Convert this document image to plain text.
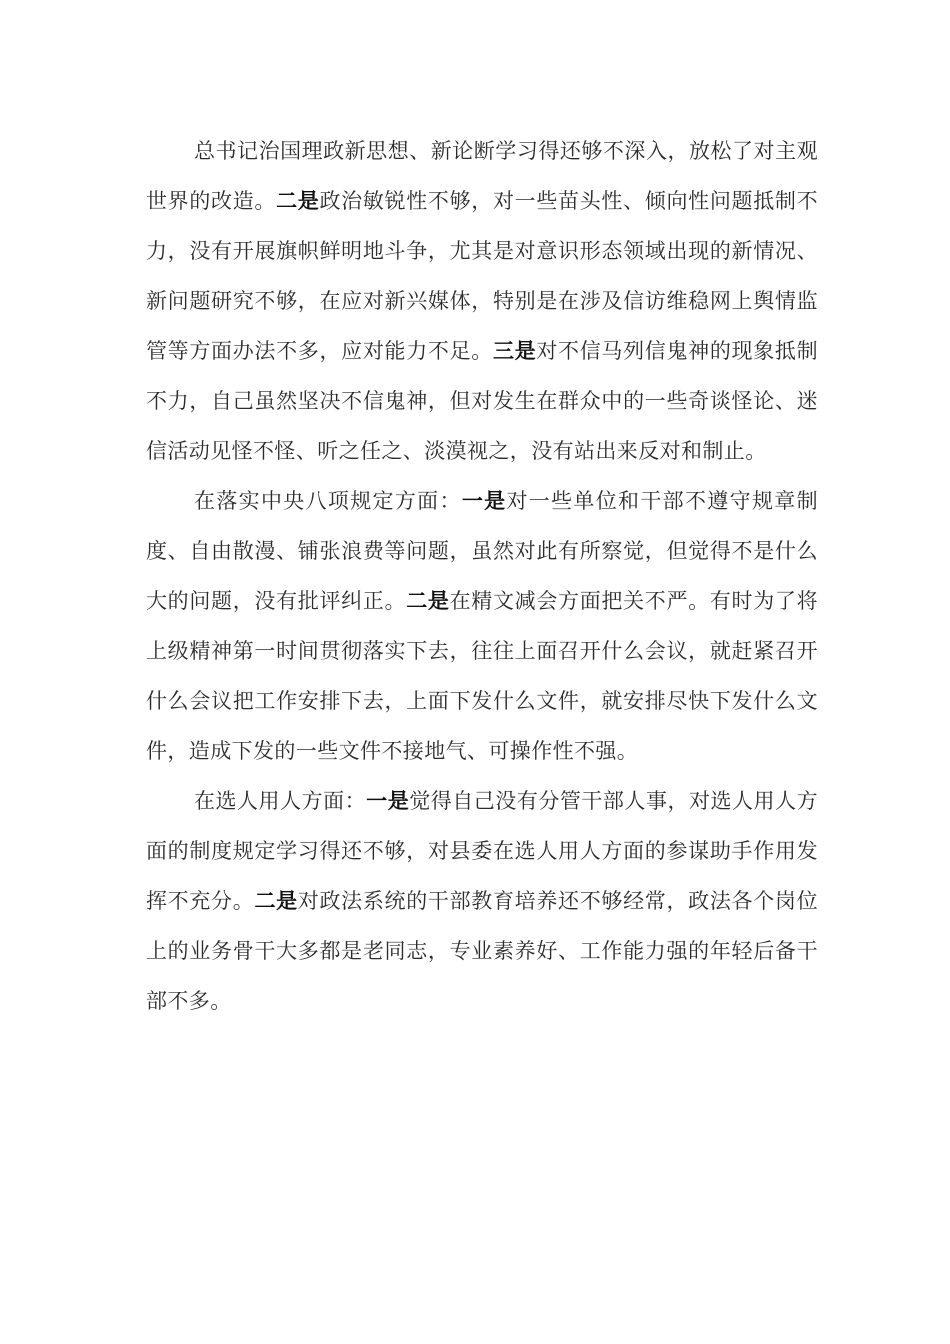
总书记治国理政新思想、新论断学习得还够不深入，放松了对主观世界的改造。二是政治敏锐性不够，对一些苗头性、倾向性问题抵制不力，没有开展旗帜鲜明地斗争，尤其是对意识形态领域出现的新情况、新问题研究不够，在应对新兴媒体，特别是在涉及信访维稳网上舆情监管等方面办法不多，应对能力不足。三是对不信马列信鬼神的现象抵制不力，自己虽然坚决不信鬼神，但对发生在群众中的一些奇谈怪论、迷信活动见怪不怪、听之任之、淡漠视之，没有站出来反对和制止。

在落实中央八项规定方面：一是对一些单位和干部不遵守规章制度、自由散漫、铺张浪费等问题，虽然对此有所察觉，但觉得不是什么大的问题，没有批评纠正。二是在精文减会方面把关不严。有时为了将上级精神第一时间贯彻落实下去，往往上面召开什么会议，就赶紧召开什么会议把工作安排下去，上面下发什么文件，就安排尽快下发什么文件，造成下发的一些文件不接地气、可操作性不强。

在选人用人方面：一是觉得自己没有分管干部人事，对选人用人方面的制度规定学习得还不够，对县委在选人用人方面的参谋助手作用发挥不充分。二是对政法系统的干部教育培养还不够经常，政法各个岗位上的业务骨干大多都是老同志，专业素养好、工作能力强的年轻后备干部不多。
